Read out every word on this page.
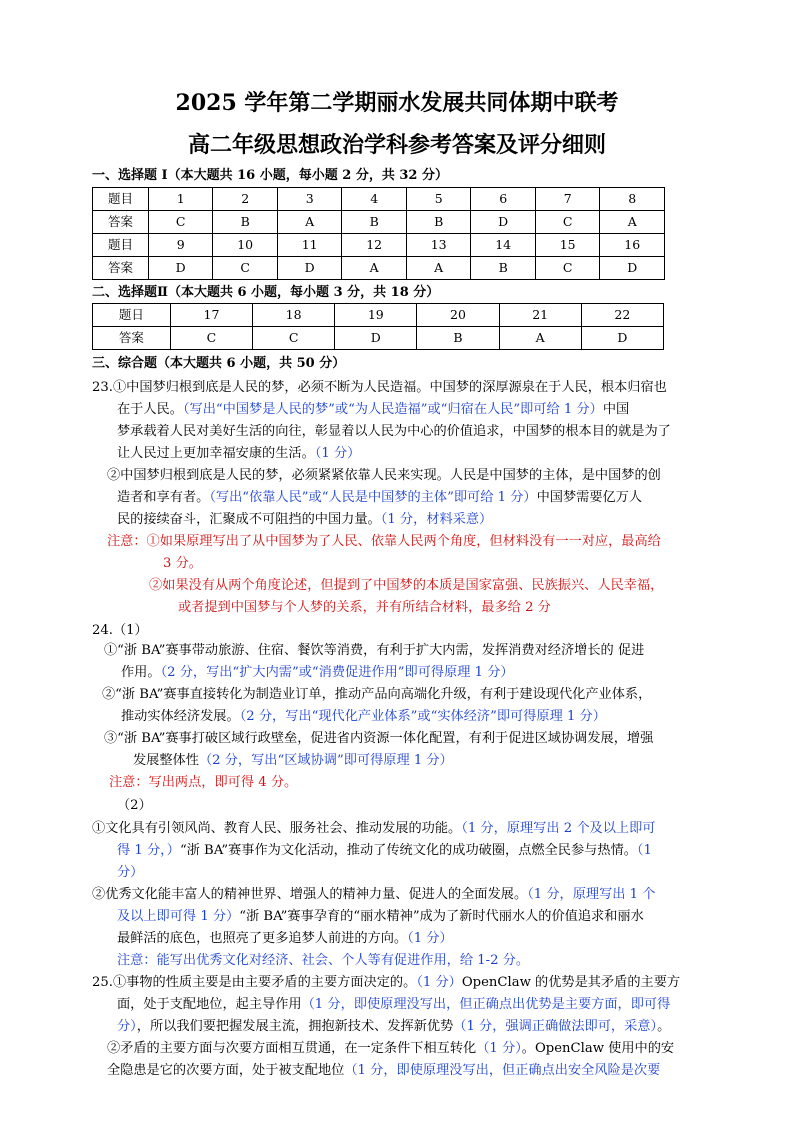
2025 学年第二学期丽水发展共同体期中联考
高二年级思想政治学科参考答案及评分细则
一、选择题 I（本大题共 16 小题，每小题 2 分，共 32 分）
题目	1	2	3	4	5	6	7	8
答案	C	B	A	B	B	D	C	A
题目	9	10	11	12	13	14	15	16
答案	D	C	D	A	A	B	C	D
二、选择题Ⅱ（本大题共 6 小题，每小题 3 分，共 18 分）
题日	17	18	19	20	21	22
答案	C	C	D	B	A	D
三、综合题（本大题共 6 小题，共 50 分）
23.①中国梦归根到底是人民的梦，必须不断为人民造福。中国梦的深厚源泉在于人民，根本归宿也
在于人民。（写出“中国梦是人民的梦”或“为人民造福”或“归宿在人民”即可给 1 分）中国
梦承载着人民对美好生活的向往，彰显着以人民为中心的价值追求，中国梦的根本目的就是为了
让人民过上更加幸福安康的生活。（1 分）
②中国梦归根到底是人民的梦，必须紧紧依靠人民来实现。人民是中国梦的主体，是中国梦的创
造者和享有者。（写出“依靠人民”或“人民是中国梦的主体”即可给 1 分）中国梦需要亿万人
民的接续奋斗，汇聚成不可阻挡的中国力量。（1 分，材料采意）
注意：①如果原理写出了从中国梦为了人民、依靠人民两个角度，但材料没有一一对应，最高给
3 分。
②如果没有从两个角度论述，但提到了中国梦的本质是国家富强、民族振兴、人民幸福，
或者提到中国梦与个人梦的关系，并有所结合材料，最多给 2 分
24.（1）
①“浙 BA”赛事带动旅游、住宿、餐饮等消费，有利于扩大内需，发挥消费对经济增长的 促进
作用。（2 分，写出“扩大内需”或“消费促进作用”即可得原理 1 分）
②“浙 BA”赛事直接转化为制造业订单，推动产品向高端化升级，有利于建设现代化产业体系，
推动实体经济发展。（2 分，写出“现代化产业体系”或“实体经济”即可得原理 1 分）
③“浙 BA”赛事打破区域行政壁垒，促进省内资源一体化配置，有利于促进区域协调发展，增强
发展整体性（2 分，写出“区域协调”即可得原理 1 分）
注意：写出两点，即可得 4 分。
（2）
①文化具有引领风尚、教育人民、服务社会、推动发展的功能。（1 分，原理写出 2 个及以上即可
得 1 分，）“浙 BA”赛事作为文化活动，推动了传统文化的成功破圈，点燃全民参与热情。（1
分）
②优秀文化能丰富人的精神世界、增强人的精神力量、促进人的全面发展。（1 分，原理写出 1 个
及以上即可得 1 分）“浙 BA”赛事孕育的“丽水精神”成为了新时代丽水人的价值追求和丽水
最鲜活的底色，也照亮了更多追梦人前进的方向。（1 分）
注意：能写出优秀文化对经济、社会、个人等有促进作用，给 1-2 分。
25.①事物的性质主要是由主要矛盾的主要方面决定的。（1 分）OpenClaw 的优势是其矛盾的主要方
面，处于支配地位，起主导作用（1 分，即使原理没写出，但正确点出优势是主要方面，即可得
分），所以我们要把握发展主流，拥抱新技术、发挥新优势（1 分，强调正确做法即可，采意）。
②矛盾的主要方面与次要方面相互贯通，在一定条件下相互转化（1 分）。OpenClaw 使用中的安
全隐患是它的次要方面，处于被支配地位（1 分，即使原理没写出，但正确点出安全风险是次要
